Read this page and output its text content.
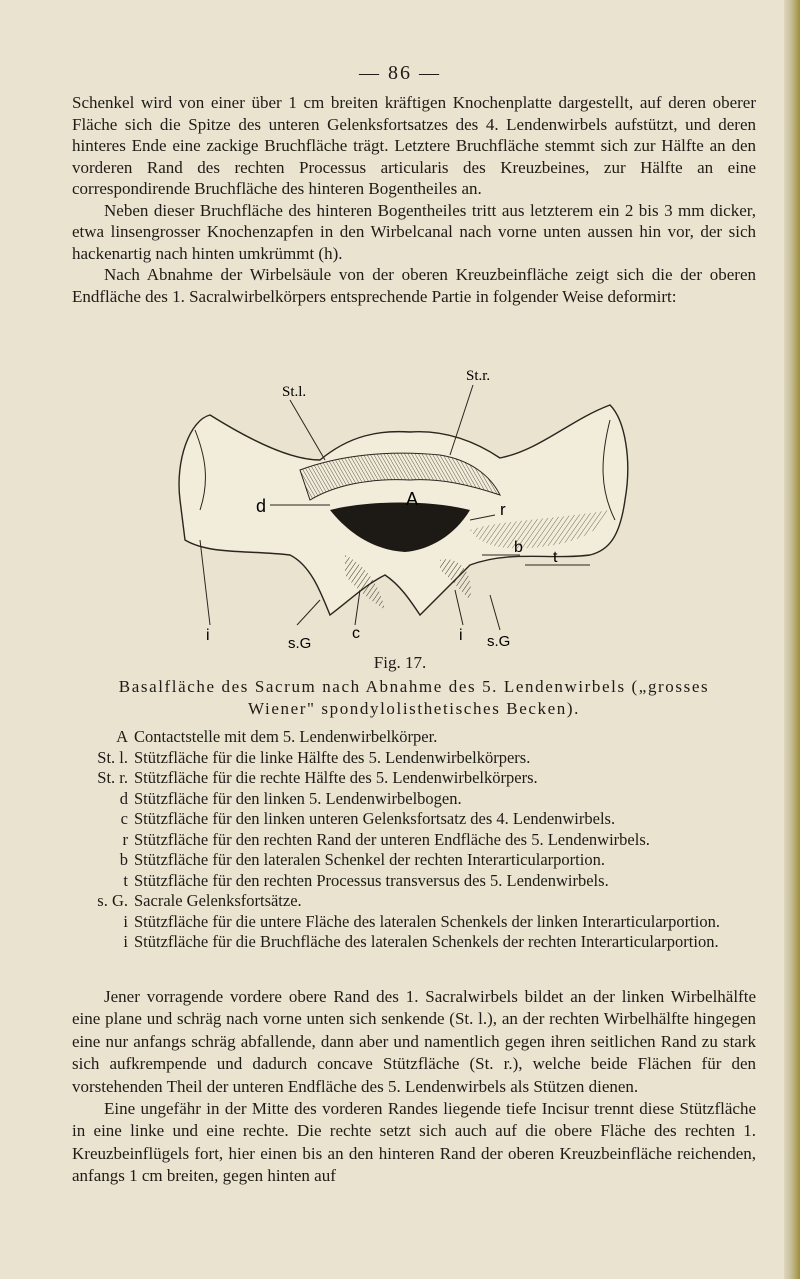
— 86 —

Schenkel wird von einer über 1 cm breiten kräftigen Knochenplatte dargestellt, auf deren oberer Fläche sich die Spitze des unteren Gelenksfortsatzes des 4. Lendenwirbels aufstützt, und deren hinteres Ende eine zackige Bruchfläche trägt. Letztere Bruchfläche stemmt sich zur Hälfte an den vorderen Rand des rechten Processus articularis des Kreuzbeines, zur Hälfte an eine correspondirende Bruchfläche des hinteren Bogentheiles an.

Neben dieser Bruchfläche des hinteren Bogentheiles tritt aus letzterem ein 2 bis 3 mm dicker, etwa linsengrosser Knochenzapfen in den Wirbelcanal nach vorne unten aussen hin vor, der sich hackenartig nach hinten umkrümmt (h).

Nach Abnahme der Wirbelsäule von der oberen Kreuzbeinfläche zeigt sich die der oberen Endfläche des 1. Sacralwirbelkörpers entsprechende Partie in folgender Weise deformirt:

St.l.
St.r.
A
d	r
b
t
i	s.G
c	i s.G
Fig. 17.
Basalfläche des Sacrum nach Abnahme des 5. Lendenwirbels („grosses
Wiener" spondylolisthetisches Becken).
A Contactstelle mit dem 5. Lendenwirbelkörper.
St. l. Stützfläche für die linke Hälfte des 5. Lendenwirbelkörpers.
St. r. Stützfläche für die rechte Hälfte des 5. Lendenwirbelkörpers.
d Stützfläche für den linken 5. Lendenwirbelbogen.
c Stützfläche für den linken unteren Gelenksfortsatz des 4. Lendenwirbels.
r Stützfläche für den rechten Rand der unteren Endfläche des 5. Lendenwirbels.
b Stützfläche für den lateralen Schenkel der rechten Interarticularportion.
t Stützfläche für den rechten Processus transversus des 5. Lendenwirbels.
s. G. Sacrale Gelenksfortsätze.
i Stützfläche für die untere Fläche des lateralen Schenkels der linken Interarticularportion.
i Stützfläche für die Bruchfläche des lateralen Schenkels der rechten Interarticularportion.

Jener vorragende vordere obere Rand des 1. Sacralwirbels bildet an der linken Wirbelhälfte eine plane und schräg nach vorne unten sich senkende (St. l.), an der rechten Wirbelhälfte hingegen eine nur anfangs schräg abfallende, dann aber und namentlich gegen ihren seitlichen Rand zu stark sich aufkrempende und dadurch concave Stützfläche (St. r.), welche beide Flächen für den vorstehenden Theil der unteren Endfläche des 5. Lendenwirbels als Stützen dienen.

Eine ungefähr in der Mitte des vorderen Randes liegende tiefe Incisur trennt diese Stützfläche in eine linke und eine rechte. Die rechte setzt sich auch auf die obere Fläche des rechten 1. Kreuzbeinflügels fort, hier einen bis an den hinteren Rand der oberen Kreuzbeinfläche reichenden, anfangs 1 cm breiten, gegen hinten auf
